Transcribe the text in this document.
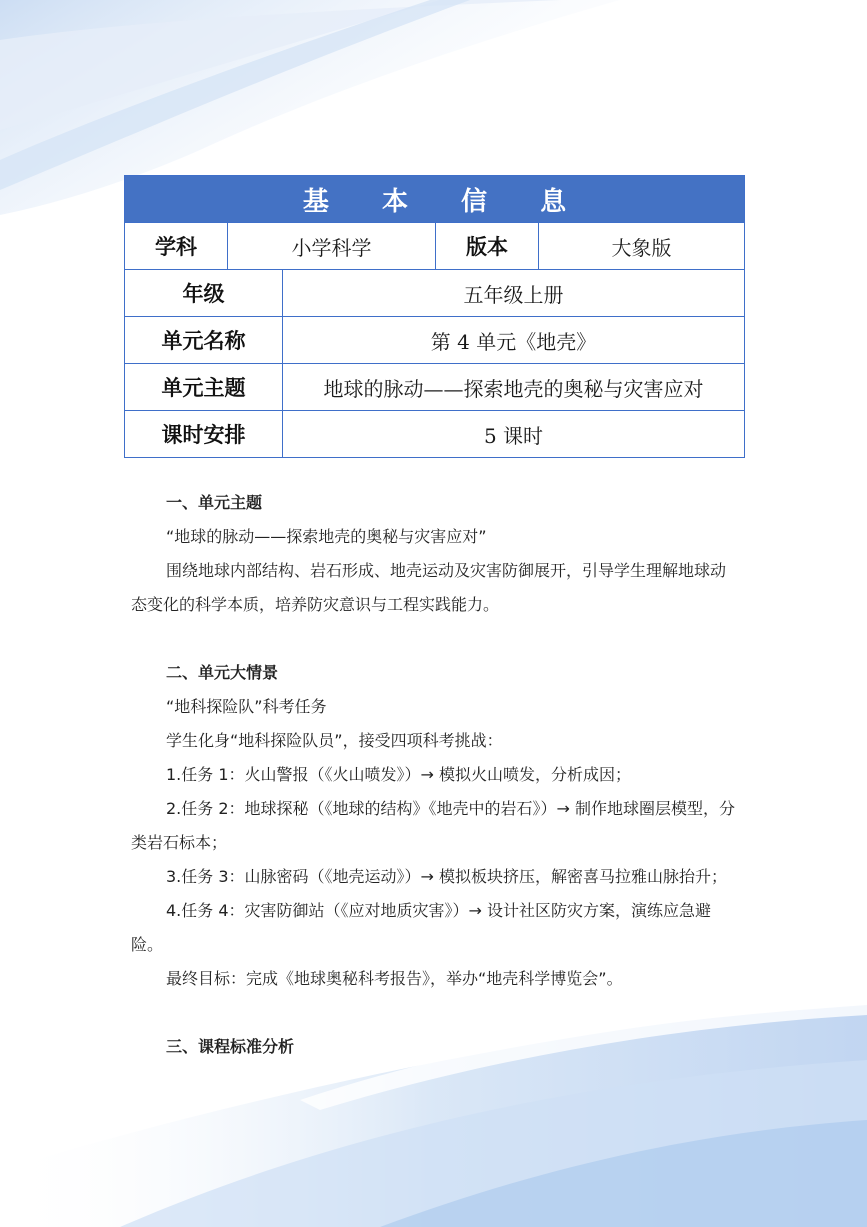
基 本 信 息
学科	小学科学	版本	大象版
年级	五年级上册
单元名称	第 4 单元《地壳》
单元主题	地球的脉动——探索地壳的奥秘与灾害应对
课时安排	5 课时
一、单元主题
“地球的脉动——探索地壳的奥秘与灾害应对”
围绕地球内部结构、岩石形成、地壳运动及灾害防御展开，引导学生理解地球动态变化的科学本质，培养防灾意识与工程实践能力。
二、单元大情景
“地科探险队”科考任务
学生化身“地科探险队员”，接受四项科考挑战：
1.任务 1：火山警报（《火山喷发》）→ 模拟火山喷发，分析成因；
2.任务 2：地球探秘（《地球的结构》《地壳中的岩石》）→ 制作地球圈层模型，分类岩石标本；
3.任务 3：山脉密码（《地壳运动》）→ 模拟板块挤压，解密喜马拉雅山脉抬升；
4.任务 4：灾害防御站（《应对地质灾害》）→ 设计社区防灾方案，演练应急避险。
最终目标：完成《地球奥秘科考报告》，举办“地壳科学博览会”。
三、课程标准分析
